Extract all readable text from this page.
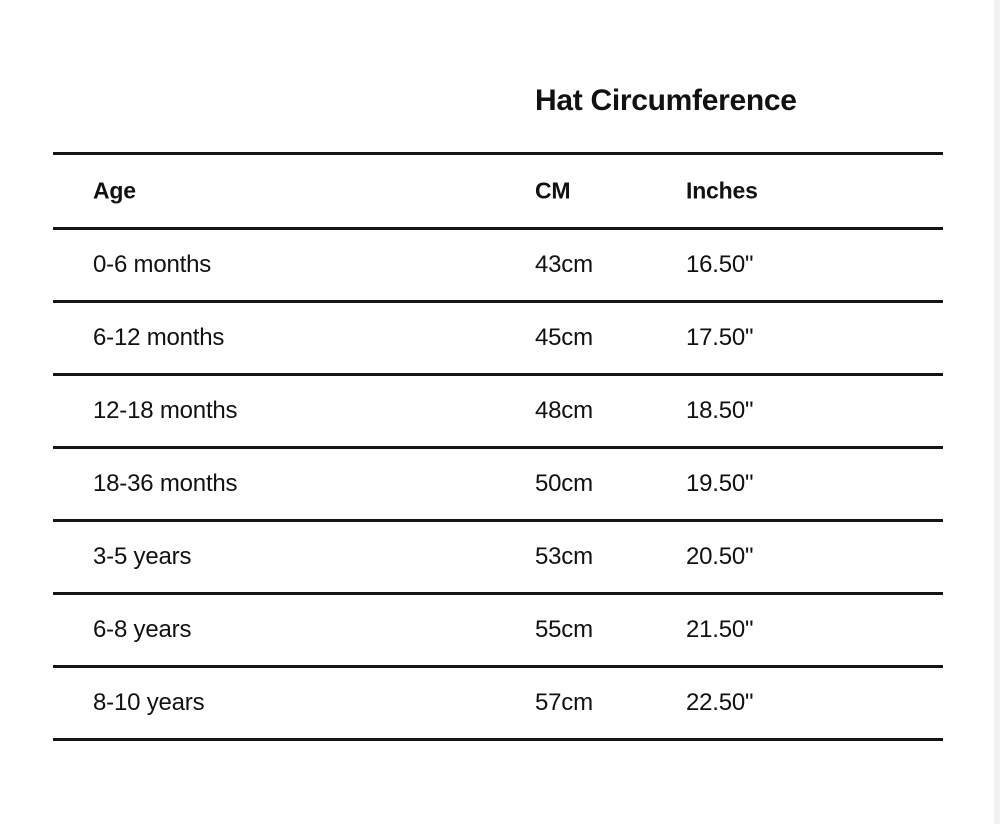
Hat Circumference
Age	CM	Inches
0-6 months	43cm	16.50"
6-12 months	45cm	17.50"
12-18 months	48cm	18.50"
18-36 months	50cm	19.50"
3-5 years	53cm	20.50"
6-8 years	55cm	21.50"
8-10 years	57cm	22.50"
